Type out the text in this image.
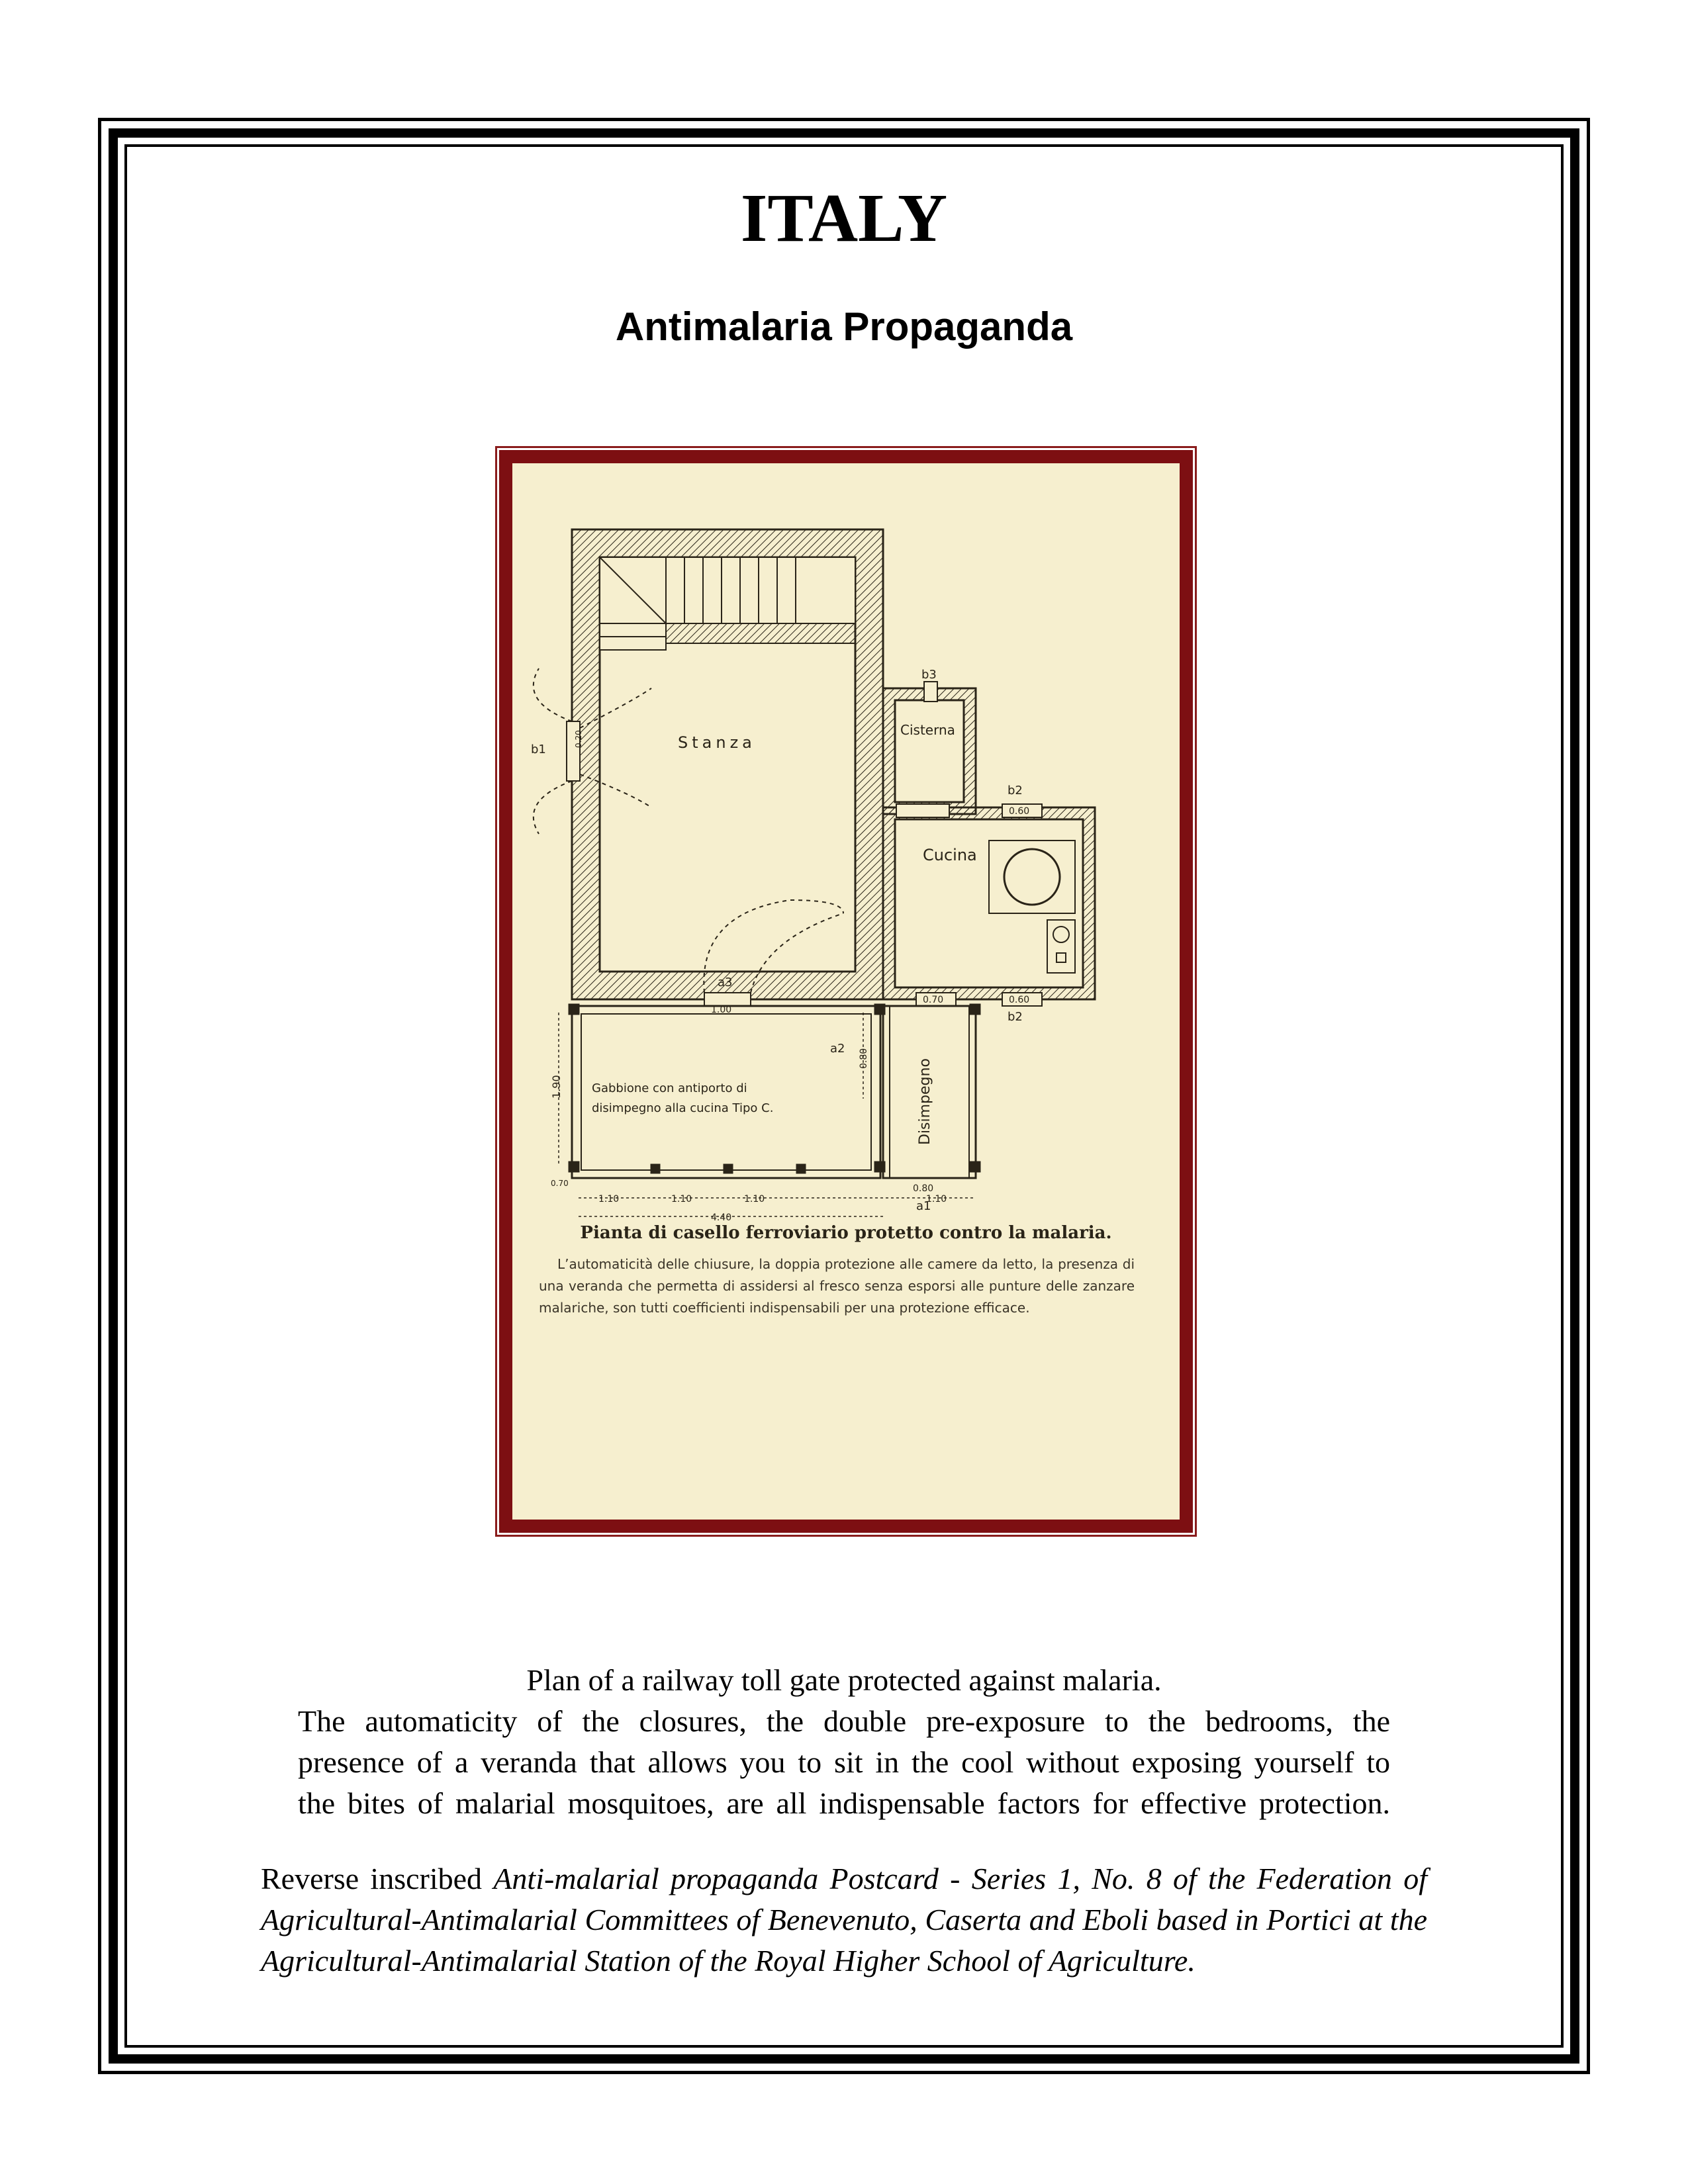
ITALY
Antimalaria Propaganda
Stanza
Cisterna
Cucina
Disimpegno
Gabbione con antiporto di
disimpegno alla cucina Tipo C.
b1
b2
b2
b3
a1
a2
a3
0.60
0.60
0.70
0.80
0.80
1.00
1.90
1.10	1.10	1.10	1.10
4.40
0.70
0.20
Pianta di casello ferroviario protetto contro la malaria.
L’automaticità delle chiusure, la doppia protezione alle camere da letto, la presenza di una veranda che permetta di assidersi al fresco senza esporsi alle punture delle zanzare malariche, son tutti coefficienti indispensabili per una protezione efficace.
Plan of a railway toll gate protected against malaria.
The automaticity of the closures, the double pre-exposure to the bedrooms, the
presence of a veranda that allows you to sit in the cool without exposing yourself to
the bites of malarial mosquitoes, are all indispensable factors for effective protection.
Reverse inscribed Anti-malarial propaganda Postcard - Series 1, No. 8 of the Federation of Agricultural-Antimalarial Committees of Benevenuto, Caserta and Eboli based in Portici at the Agricultural-Antimalarial Station of the Royal Higher School of Agriculture.
